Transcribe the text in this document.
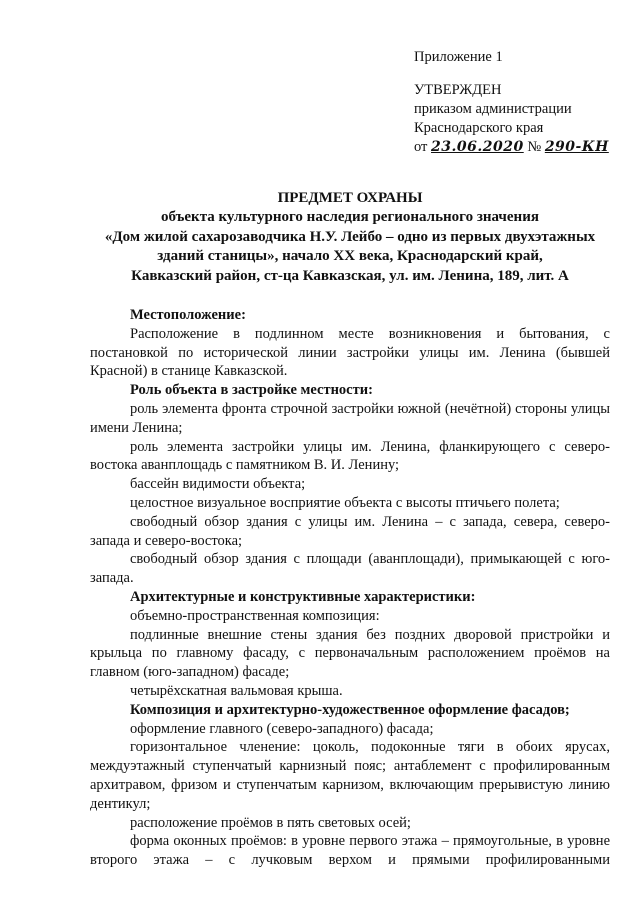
Приложение 1
УТВЕРЖДЕН
приказом администрации
Краснодарского края
от 23.06.2020 № 290-КН
ПРЕДМЕТ ОХРАНЫ
объекта культурного наследия регионального значения
«Дом жилой сахарозаводчика Н.У. Лейбо – одно из первых двухэтажных
зданий станицы», начало XX века, Краснодарский край,
Кавказский район, ст-ца Кавказская, ул. им. Ленина, 189, лит. А
Местоположение:
Расположение в подлинном месте возникновения и бытования, с постановкой по исторической линии застройки улицы им. Ленина (бывшей Красной) в станице Кавказской.
Роль объекта в застройке местности:
роль элемента фронта строчной застройки южной (нечётной) стороны улицы имени Ленина;
роль элемента застройки улицы им. Ленина, фланкирующего с северо-востока аванплощадь с памятником В. И. Ленину;
бассейн видимости объекта;
целостное визуальное восприятие объекта с высоты птичьего полета;
свободный обзор здания с улицы им. Ленина – с запада, севера, северо-запада и северо-востока;
свободный обзор здания с площади (аванплощади), примыкающей с юго-запада.
Архитектурные и конструктивные характеристики:
объемно-пространственная композиция:
подлинные внешние стены здания без поздних дворовой пристройки и крыльца по главному фасаду, с первоначальным расположением проёмов на главном (юго-западном) фасаде;
четырёхскатная вальмовая крыша.
Композиция и архитектурно-художественное оформление фасадов;
оформление главного (северо-западного) фасада;
горизонтальное членение: цоколь, подоконные тяги в обоих ярусах, междуэтажный ступенчатый карнизный пояс; антаблемент с профилированным архитравом, фризом и ступенчатым карнизом, включающим прерывистую линию дентикул;
расположение проёмов в пять световых осей;
форма оконных проёмов: в уровне первого этажа – прямоугольные, в уровне второго этажа – с лучковым верхом и прямыми профилированными
